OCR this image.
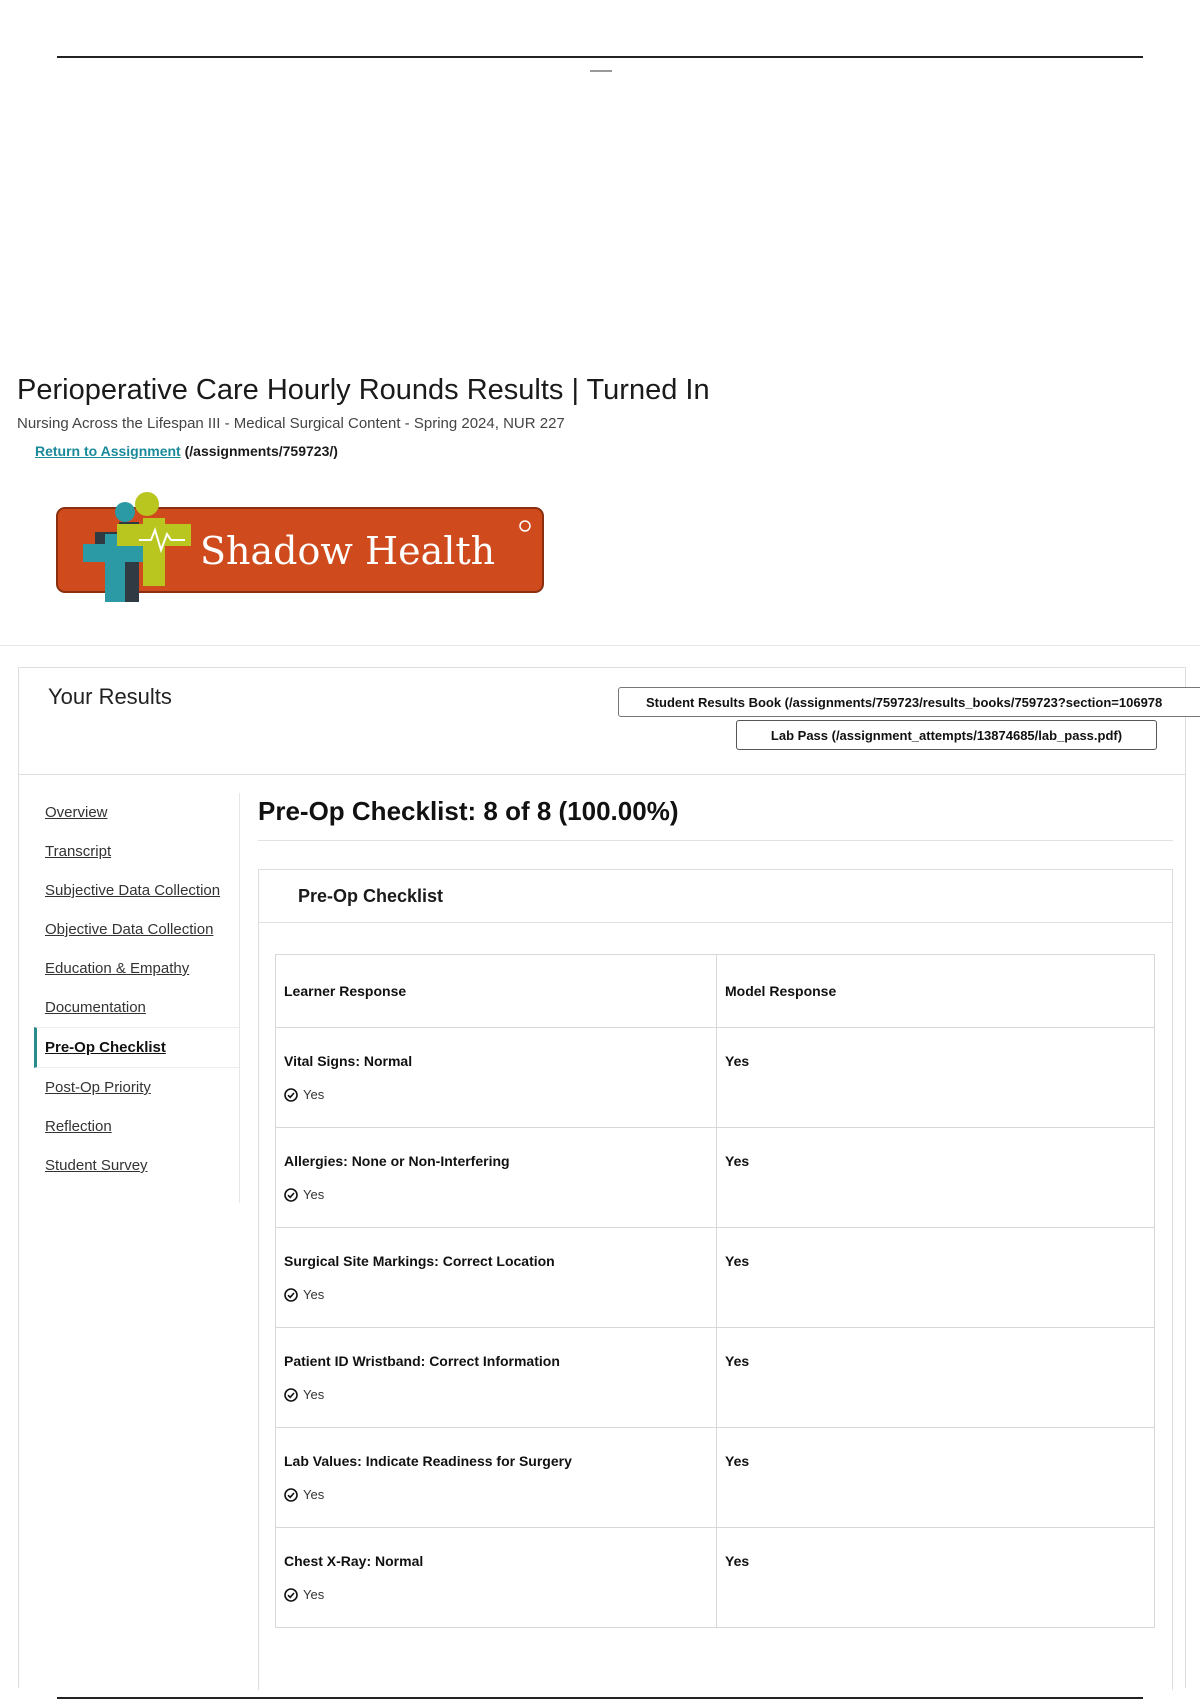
Perioperative Care Hourly Rounds Results | Turned In
Nursing Across the Lifespan III - Medical Surgical Content - Spring 2024, NUR 227
Return to Assignment (/assignments/759723/)
Shadow Health
Your Results	Student Results Book (/assignments/759723/results_books/759723?section=106978
Lab Pass (/assignment_attempts/13874685/lab_pass.pdf)
Overview
Transcript
Subjective Data Collection
Objective Data Collection
Education & Empathy
Documentation
Pre-Op Checklist
Post-Op Priority
Reflection
Student Survey
Pre-Op Checklist: 8 of 8 (100.00%)
Pre-Op Checklist
Learner Response	Model Response

Vital Signs: Normal
Yes	Yes

Allergies: None or Non-Interfering
Yes	Yes

Surgical Site Markings: Correct Location
Yes	Yes

Patient ID Wristband: Correct Information
Yes	Yes

Lab Values: Indicate Readiness for Surgery
Yes	Yes

Chest X-Ray: Normal
Yes	Yes
